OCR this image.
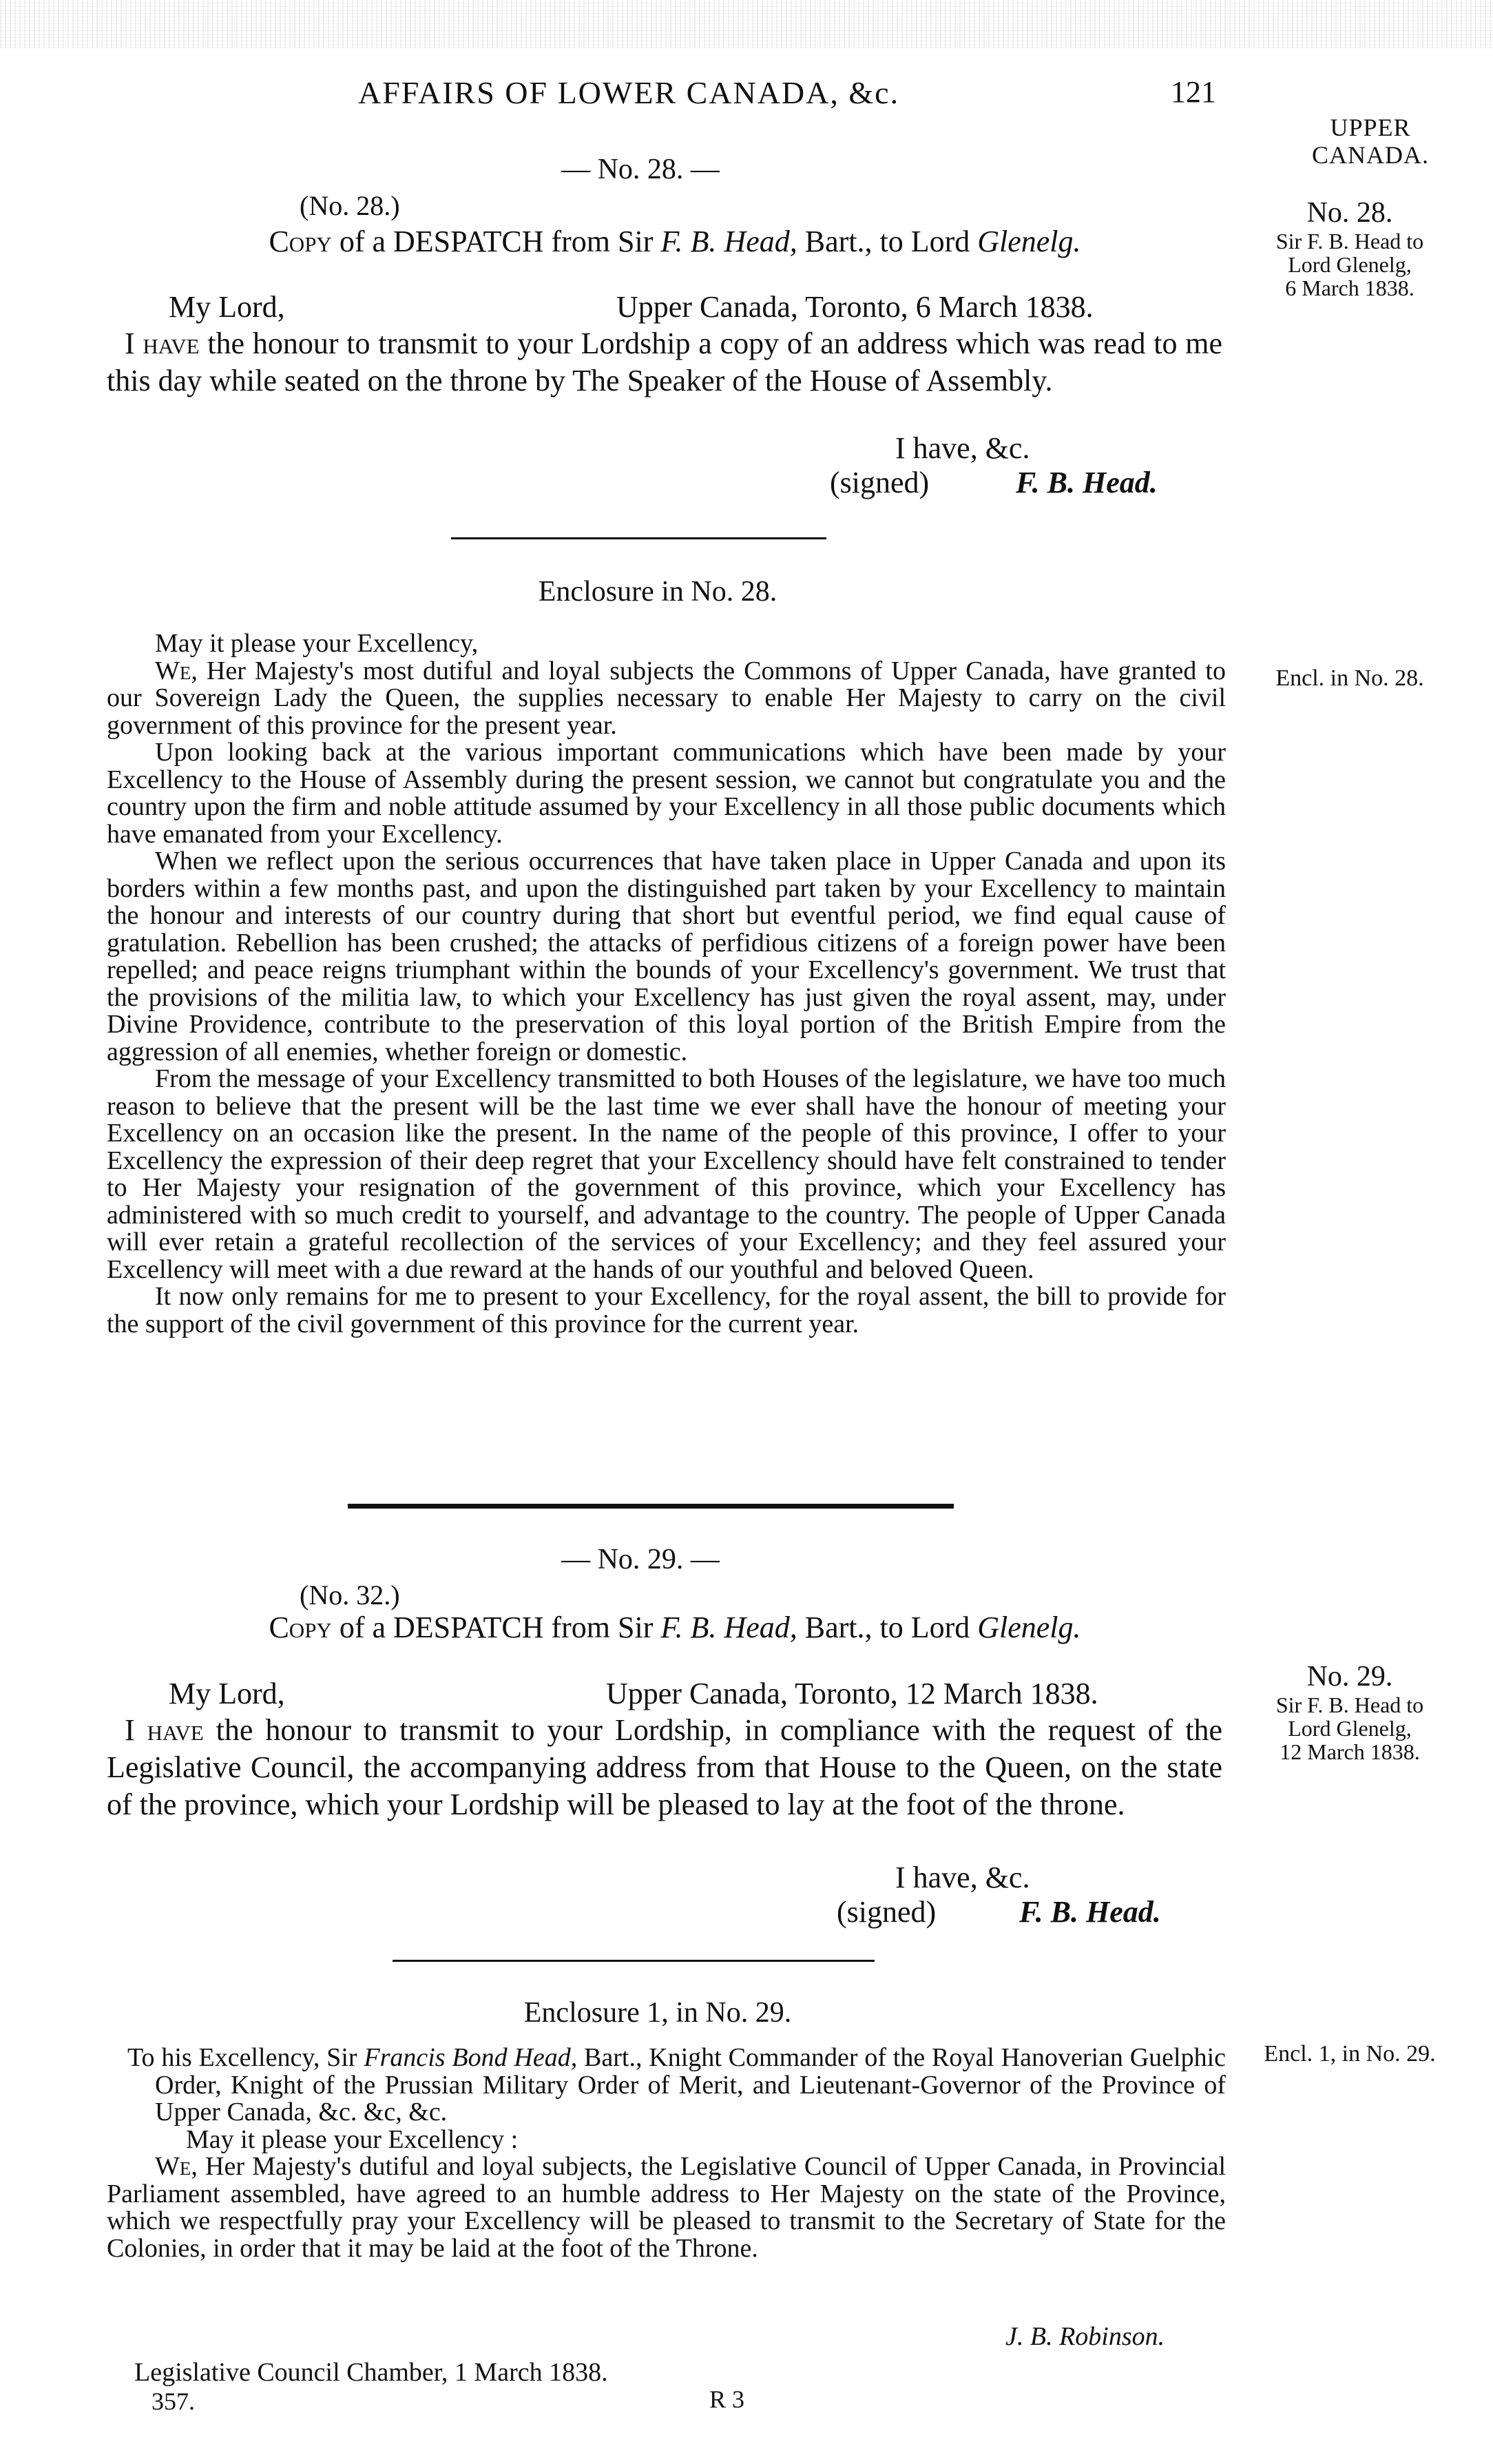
AFFAIRS OF LOWER CANADA, &c.	121
UPPER CANADA.
No. 28.
Sir F. B. Head to
Lord Glenelg,
6 March 1838.
Encl. in No. 28.
No. 29.
Sir F. B. Head to
Lord Glenelg,
12 March 1838.
Encl. 1, in No. 29.
— No. 28. —
(No. 28.)
Copy of a DESPATCH from Sir F. B. Head, Bart., to Lord Glenelg.
My Lord,	Upper Canada, Toronto, 6 March 1838.

I have the honour to transmit to your Lordship a copy of an address which was read to me this day while seated on the throne by The Speaker of the House of Assembly.

I have, &c.
(signed)	F. B. Head.
Enclosure in No. 28.

May it please your Excellency,

We, Her Majesty's most dutiful and loyal subjects the Commons of Upper Canada, have granted to our Sovereign Lady the Queen, the supplies necessary to enable Her Majesty to carry on the civil government of this province for the present year.

Upon looking back at the various important communications which have been made by your Excellency to the House of Assembly during the present session, we cannot but congratulate you and the country upon the firm and noble attitude assumed by your Excellency in all those public documents which have emanated from your Excellency.

When we reflect upon the serious occurrences that have taken place in Upper Canada and upon its borders within a few months past, and upon the distinguished part taken by your Excellency to maintain the honour and interests of our country during that short but eventful period, we find equal cause of gratulation. Rebellion has been crushed; the attacks of perfidious citizens of a foreign power have been repelled; and peace reigns triumphant within the bounds of your Excellency's government. We trust that the provisions of the militia law, to which your Excellency has just given the royal assent, may, under Divine Providence, contribute to the preservation of this loyal portion of the British Empire from the aggression of all enemies, whether foreign or domestic.

From the message of your Excellency transmitted to both Houses of the legislature, we have too much reason to believe that the present will be the last time we ever shall have the honour of meeting your Excellency on an occasion like the present. In the name of the people of this province, I offer to your Excellency the expression of their deep regret that your Excellency should have felt constrained to tender to Her Majesty your resignation of the government of this province, which your Excellency has administered with so much credit to yourself, and advantage to the country. The people of Upper Canada will ever retain a grateful recollection of the services of your Excellency; and they feel assured your Excellency will meet with a due reward at the hands of our youthful and beloved Queen.

It now only remains for me to present to your Excellency, for the royal assent, the bill to provide for the support of the civil government of this province for the current year.

— No. 29. —
(No. 32.)
Copy of a DESPATCH from Sir F. B. Head, Bart., to Lord Glenelg.
My Lord,	Upper Canada, Toronto, 12 March 1838.

I have the honour to transmit to your Lordship, in compliance with the request of the Legislative Council, the accompanying address from that House to the Queen, on the state of the province, which your Lordship will be pleased to lay at the foot of the throne.

I have, &c.
(signed)	F. B. Head.
Enclosure 1, in No. 29.

To his Excellency, Sir Francis Bond Head, Bart., Knight Commander of the Royal Hanoverian Guelphic Order, Knight of the Prussian Military Order of Merit, and Lieutenant-Governor of the Province of Upper Canada, &c. &c, &c.

May it please your Excellency :

We, Her Majesty's dutiful and loyal subjects, the Legislative Council of Upper Canada, in Provincial Parliament assembled, have agreed to an humble address to Her Majesty on the state of the Province, which we respectfully pray your Excellency will be pleased to transmit to the Secretary of State for the Colonies, in order that it may be laid at the foot of the Throne.

J. B. Robinson.
Legislative Council Chamber, 1 March 1838.
357.	R 3
